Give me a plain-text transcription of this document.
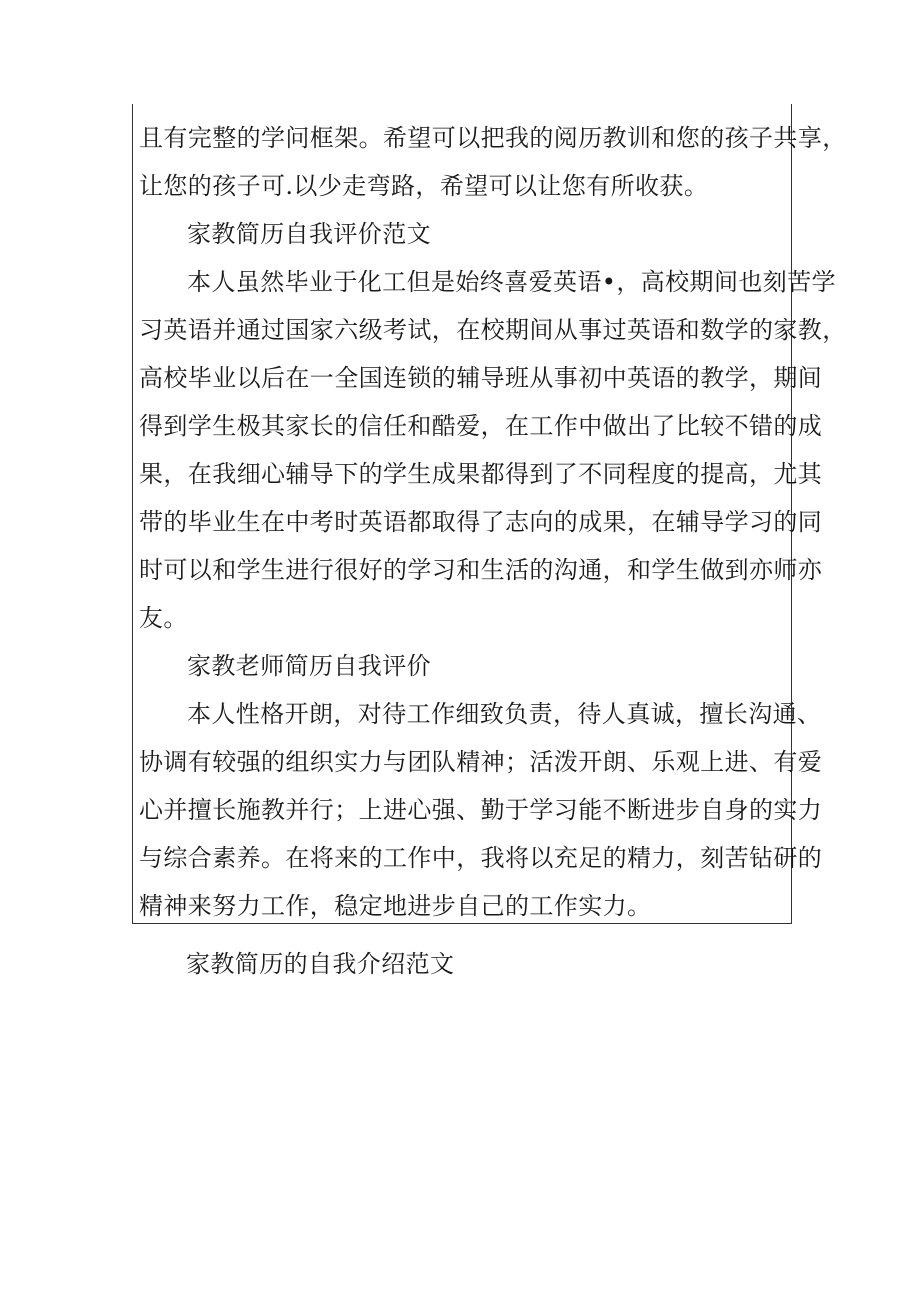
且有完整的学问框架。希望可以把我的阅历教训和您的孩子共享，
让您的孩子可.以少走弯路，希望可以让您有所收获。
家教简历自我评价范文
本人虽然毕业于化工但是始终喜爱英语•，高校期间也刻苦学
习英语并通过国家六级考试，在校期间从事过英语和数学的家教，
高校毕业以后在一全国连锁的辅导班从事初中英语的教学，期间
得到学生极其家长的信任和酷爱，在工作中做出了比较不错的成
果，在我细心辅导下的学生成果都得到了不同程度的提高，尤其
带的毕业生在中考时英语都取得了志向的成果，在辅导学习的同
时可以和学生进行很好的学习和生活的沟通，和学生做到亦师亦
友。
家教老师简历自我评价
本人性格开朗，对待工作细致负责，待人真诚，擅长沟通、
协调有较强的组织实力与团队精神；活泼开朗、乐观上进、有爱
心并擅长施教并行；上进心强、勤于学习能不断进步自身的实力
与综合素养。在将来的工作中，我将以充足的精力，刻苦钻研的
精神来努力工作，稳定地进步自己的工作实力。
家教简历的自我介绍范文
